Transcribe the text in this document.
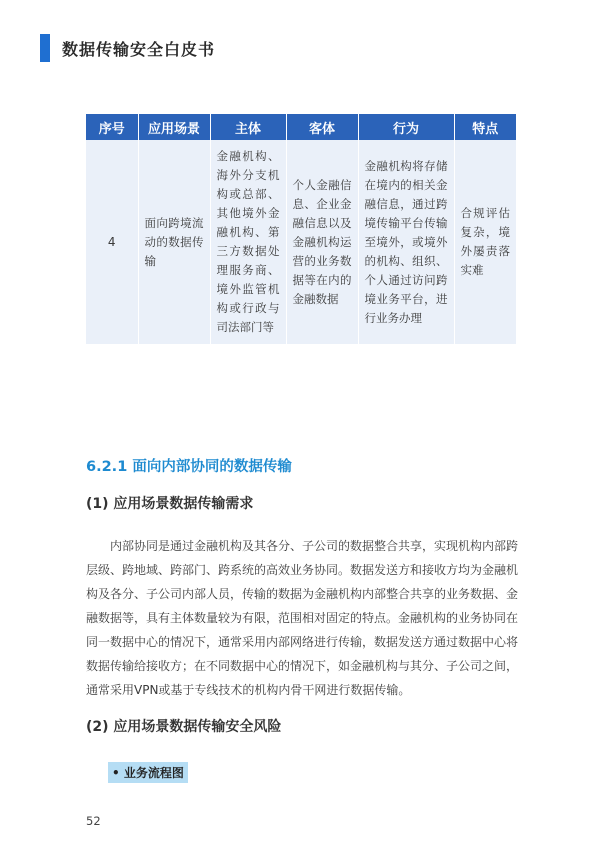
数据传输安全白皮书
序号	应用场景	主体	客体	行为	特点
4	面向跨境流动的数据传输	金融机构、海外分支机构或总部、其他境外金融机构、第三方数据处理服务商、境外监管机构或行政与司法部门等	个人金融信息、企业金融信息以及金融机构运营的业务数据等在内的金融数据	金融机构将存储在境内的相关金融信息，通过跨境传输平台传输至境外，或境外的机构、组织、个人通过访问跨境业务平台，进行业务办理	合规评估复杂，境外屡责落实难
6.2.1 面向内部协同的数据传输
(1) 应用场景数据传输需求
内部协同是通过金融机构及其各分、子公司的数据整合共享，实现机构内部跨层级、跨地域、跨部门、跨系统的高效业务协同。数据发送方和接收方均为金融机构及各分、子公司内部人员，传输的数据为金融机构内部整合共享的业务数据、金融数据等，具有主体数量较为有限，范围相对固定的特点。金融机构的业务协同在同一数据中心的情况下，通常采用内部网络进行传输，数据发送方通过数据中心将数据传输给接收方；在不同数据中心的情况下，如金融机构与其分、子公司之间，通常采用VPN或基于专线技术的机构内骨干网进行数据传输。
(2) 应用场景数据传输安全风险
• 业务流程图
52
